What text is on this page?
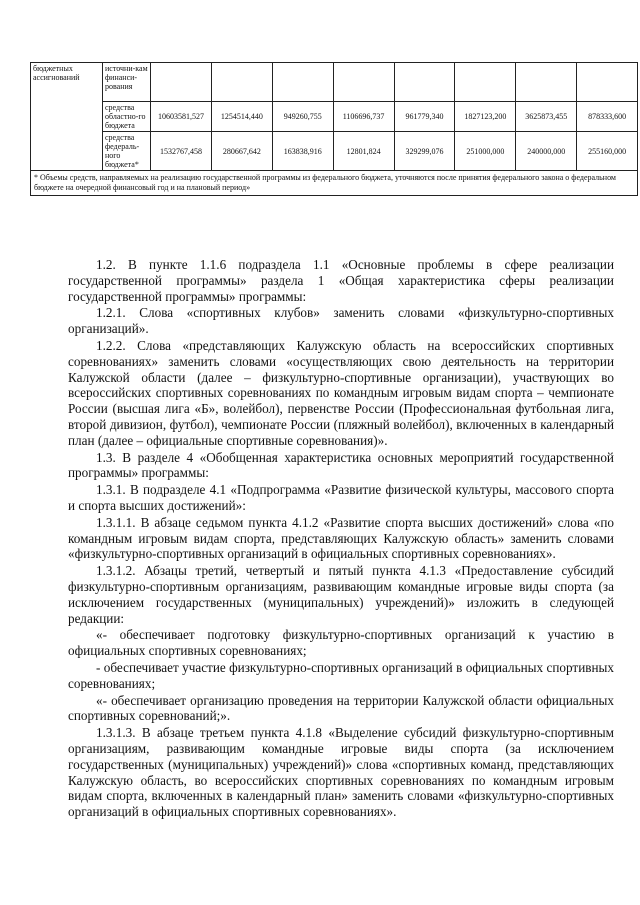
бюджетных ассигнований	источни-кам финанси-рования								
	средства областно-го бюджета	10603581,527	1254514,440	949260,755	1106696,737	961779,340	1827123,200	3625873,455	878333,600
	средства федераль-ного бюджета*	1532767,458	280667,642	163838,916	12801,824	329299,076	251000,000	240000,000	255160,000
* Объемы средств, направляемых на реализацию государственной программы из федерального бюджета, уточняются после принятия федерального закона о федеральном бюджете на очередной финансовый год и на плановый период»									

1.2. В пункте 1.1.6 подраздела 1.1 «Основные проблемы в сфере реализации государственной программы» раздела 1 «Общая характеристика сферы реализации государственной программы» программы:

1.2.1. Слова «спортивных клубов» заменить словами «физкультурно-спортивных организаций».

1.2.2. Слова «представляющих Калужскую область на всероссийских спортивных соревнованиях» заменить словами «осуществляющих свою деятельность на территории Калужской области (далее – физкультурно-спортивные организации), участвующих во всероссийских спортивных соревнованиях по командным игровым видам спорта – чемпионате России (высшая лига «Б», волейбол), первенстве России (Профессиональная футбольная лига, второй дивизион, футбол), чемпионате России (пляжный волейбол), включенных в календарный план (далее – официальные спортивные соревнования)».

1.3. В разделе 4 «Обобщенная характеристика основных мероприятий государственной программы» программы:

1.3.1. В подразделе 4.1 «Подпрограмма «Развитие физической культуры, массового спорта и спорта высших достижений»:

1.3.1.1. В абзаце седьмом пункта 4.1.2 «Развитие спорта высших достижений» слова «по командным игровым видам спорта, представляющих Калужскую область» заменить словами «физкультурно-спортивных организаций в официальных спортивных соревнованиях».

1.3.1.2. Абзацы третий, четвертый и пятый пункта 4.1.3 «Предоставление субсидий физкультурно-спортивным организациям, развивающим командные игровые виды спорта (за исключением государственных (муниципальных) учреждений)» изложить в следующей редакции:

«- обеспечивает подготовку физкультурно-спортивных организаций к участию в официальных спортивных соревнованиях;

- обеспечивает участие физкультурно-спортивных организаций в официальных спортивных соревнованиях;

«- обеспечивает организацию проведения на территории Калужской области официальных спортивных соревнований;».

1.3.1.3. В абзаце третьем пункта 4.1.8 «Выделение субсидий физкультурно-спортивным организациям, развивающим командные игровые виды спорта (за исключением государственных (муниципальных) учреждений)» слова «спортивных команд, представляющих Калужскую область, во всероссийских спортивных соревнованиях по командным игровым видам спорта, включенных в календарный план» заменить словами «физкультурно-спортивных организаций в официальных спортивных соревнованиях».
